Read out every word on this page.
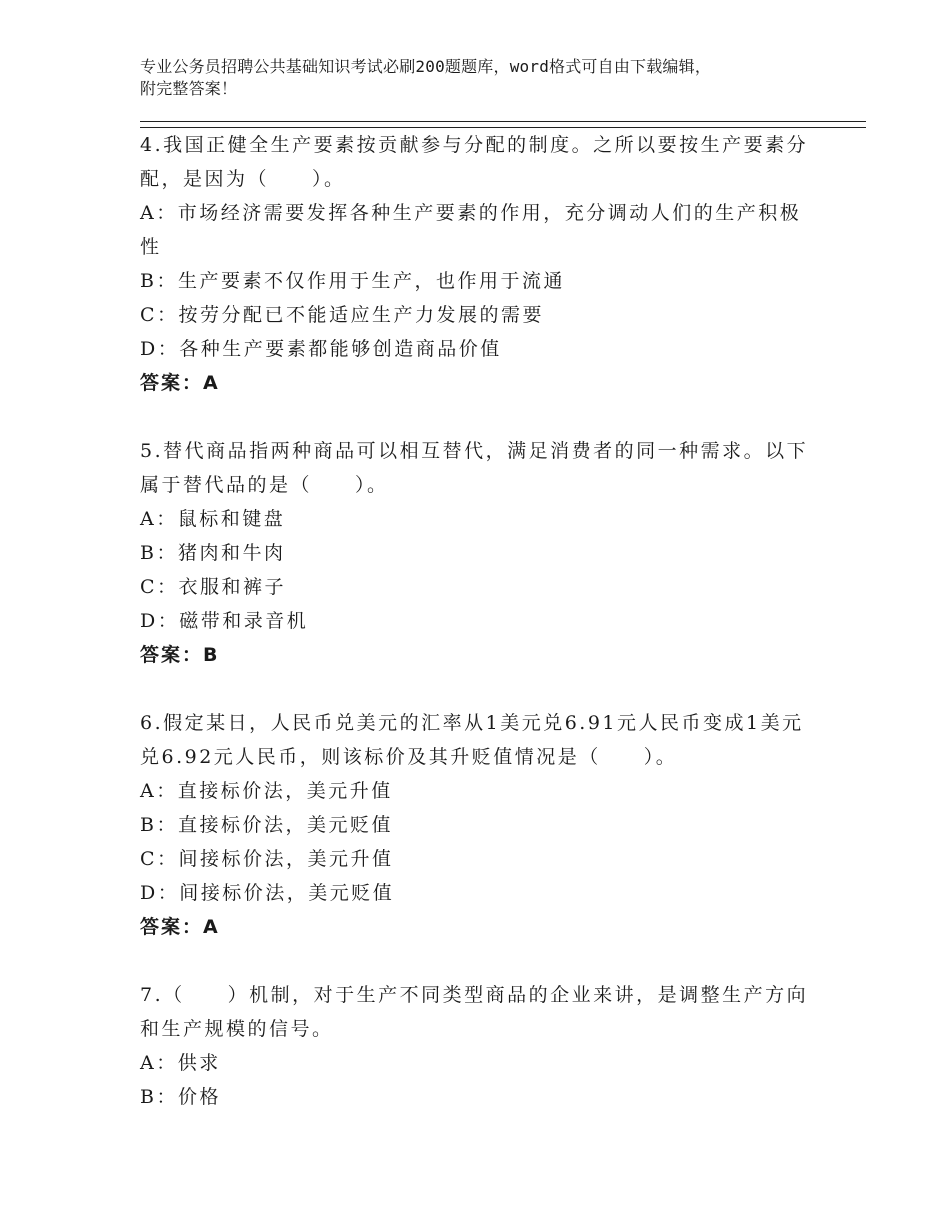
专业公务员招聘公共基础知识考试必刷200题题库，word格式可自由下载编辑，
附完整答案！

4.我国正健全生产要素按贡献参与分配的制度。之所以要按生产要素分配，是因为（　　）。

A：市场经济需要发挥各种生产要素的作用，充分调动人们的生产积极性

B：生产要素不仅作用于生产，也作用于流通

C：按劳分配已不能适应生产力发展的需要

D：各种生产要素都能够创造商品价值

答案：A

5.替代商品指两种商品可以相互替代，满足消费者的同一种需求。以下属于替代品的是（　　）。

A：鼠标和键盘

B：猪肉和牛肉

C：衣服和裤子

D：磁带和录音机

答案：B

6.假定某日，人民币兑美元的汇率从1美元兑6.91元人民币变成1美元兑6.92元人民币，则该标价及其升贬值情况是（　　）。

A：直接标价法，美元升值

B：直接标价法，美元贬值

C：间接标价法，美元升值

D：间接标价法，美元贬值

答案：A

7.（　　）机制，对于生产不同类型商品的企业来讲，是调整生产方向和生产规模的信号。

A：供求

B：价格
